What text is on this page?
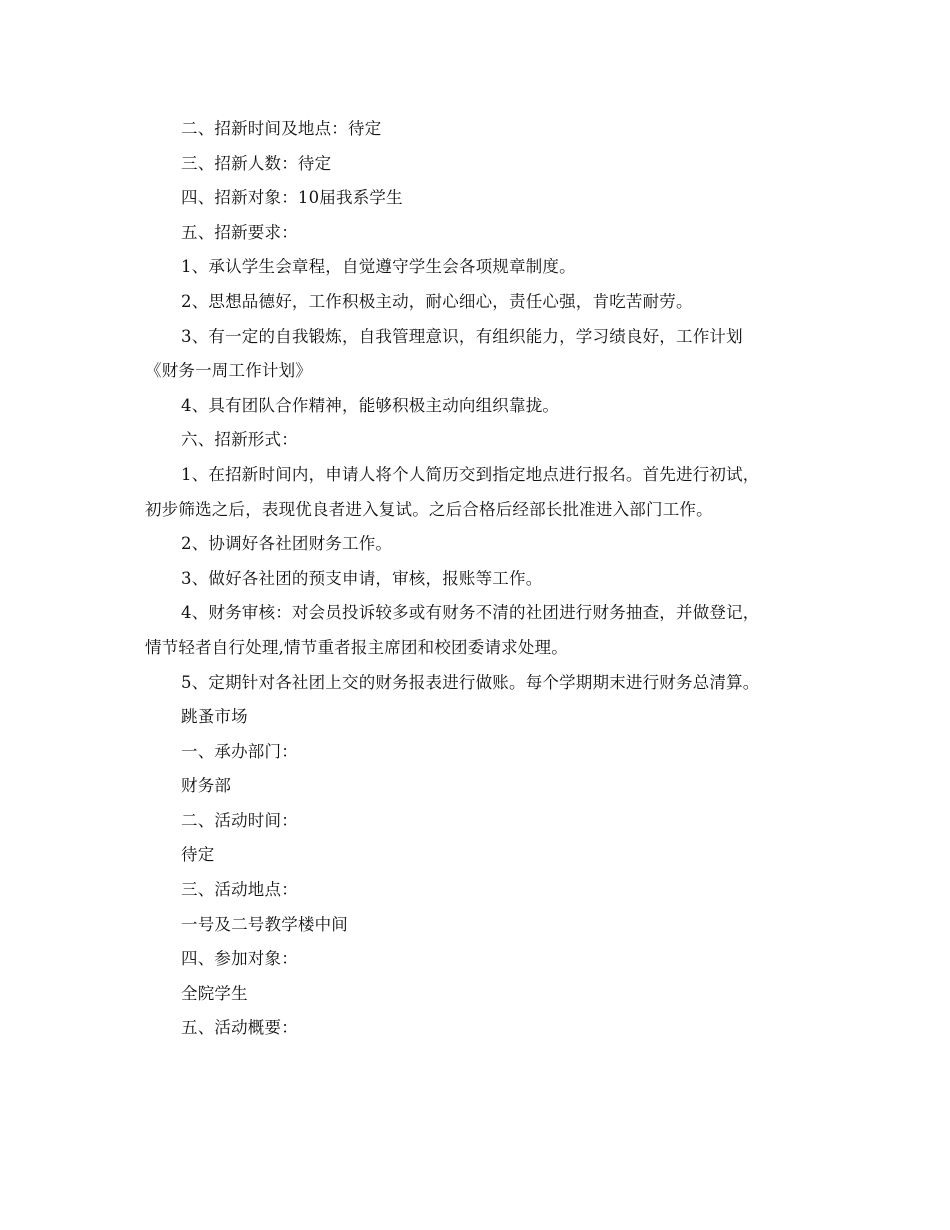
二、招新时间及地点：待定
三、招新人数：待定
四、招新对象：10届我系学生
五、招新要求：
1、承认学生会章程，自觉遵守学生会各项规章制度。
2、思想品德好，工作积极主动，耐心细心，责任心强，肯吃苦耐劳。
3、有一定的自我锻炼，自我管理意识，有组织能力，学习绩良好，工作计划
《财务一周工作计划》
4、具有团队合作精神，能够积极主动向组织靠拢。
六、招新形式：
1、在招新时间内，申请人将个人简历交到指定地点进行报名。首先进行初试，
初步筛选之后，表现优良者进入复试。之后合格后经部长批准进入部门工作。
2、协调好各社团财务工作。
3、做好各社团的预支申请，审核，报账等工作。
4、财务审核：对会员投诉较多或有财务不清的社团进行财务抽查，并做登记，
情节轻者自行处理,情节重者报主席团和校团委请求处理。
5、定期针对各社团上交的财务报表进行做账。每个学期期末进行财务总清算。
跳蚤市场
一、承办部门：
财务部
二、活动时间：
待定
三、活动地点：
一号及二号教学楼中间
四、参加对象：
全院学生
五、活动概要：
